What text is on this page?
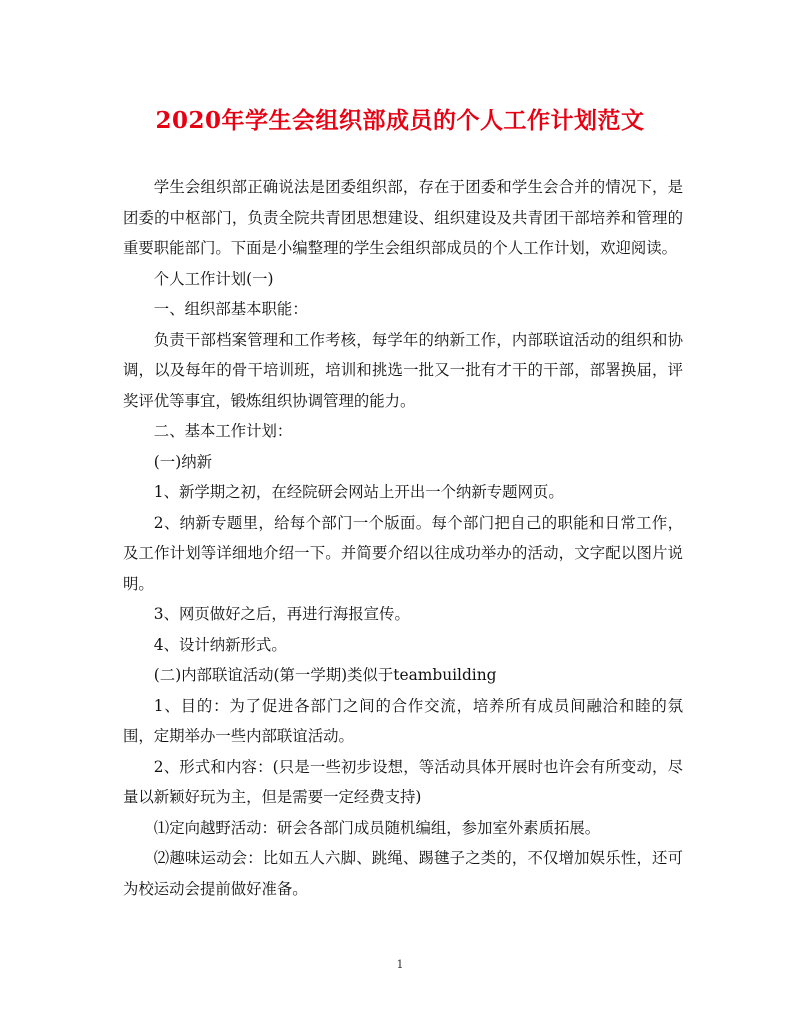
2020年学生会组织部成员的个人工作计划范文

学生会组织部正确说法是团委组织部，存在于团委和学生会合并的情况下，是团委的中枢部门，负责全院共青团思想建设、组织建设及共青团干部培养和管理的重要职能部门。下面是小编整理的学生会组织部成员的个人工作计划，欢迎阅读。

个人工作计划(一)

一、组织部基本职能：

负责干部档案管理和工作考核，每学年的纳新工作，内部联谊活动的组织和协调，以及每年的骨干培训班，培训和挑选一批又一批有才干的干部，部署换届，评奖评优等事宜，锻炼组织协调管理的能力。

二、基本工作计划：

(一)纳新

1、新学期之初，在经院研会网站上开出一个纳新专题网页。

2、纳新专题里，给每个部门一个版面。每个部门把自己的职能和日常工作，及工作计划等详细地介绍一下。并简要介绍以往成功举办的活动，文字配以图片说明。

3、网页做好之后，再进行海报宣传。

4、设计纳新形式。

(二)内部联谊活动(第一学期)类似于teambuilding

1、目的：为了促进各部门之间的合作交流，培养所有成员间融洽和睦的氛围，定期举办一些内部联谊活动。

2、形式和内容：(只是一些初步设想，等活动具体开展时也许会有所变动，尽量以新颖好玩为主，但是需要一定经费支持)

⑴定向越野活动：研会各部门成员随机编组，参加室外素质拓展。

⑵趣味运动会：比如五人六脚、跳绳、踢毽子之类的，不仅增加娱乐性，还可为校运动会提前做好准备。

1
